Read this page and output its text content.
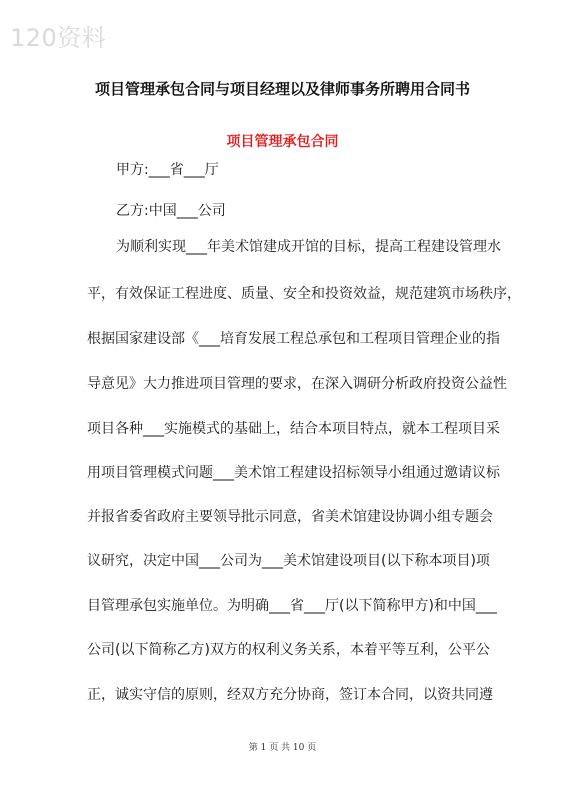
120资料
项目管理承包合同与项目经理以及律师事务所聘用合同书
项目管理承包合同
甲方:___省___厅
乙方:中国___公司
为顺利实现___年美术馆建成开馆的目标，提高工程建设管理水
平，有效保证工程进度、质量、安全和投资效益，规范建筑市场秩序，
根据国家建设部《___培育发展工程总承包和工程项目管理企业的指
导意见》大力推进项目管理的要求，在深入调研分析政府投资公益性
项目各种___实施模式的基础上，结合本项目特点，就本工程项目采
用项目管理模式问题___美术馆工程建设招标领导小组通过邀请议标
并报省委省政府主要领导批示同意，省美术馆建设协调小组专题会
议研究，决定中国___公司为___美术馆建设项目(以下称本项目)项
目管理承包实施单位。为明确___省___厅(以下简称甲方)和中国___
公司(以下简称乙方)双方的权利义务关系，本着平等互利，公平公
正，诚实守信的原则，经双方充分协商，签订本合同，以资共同遵
第 1 页 共 10 页
